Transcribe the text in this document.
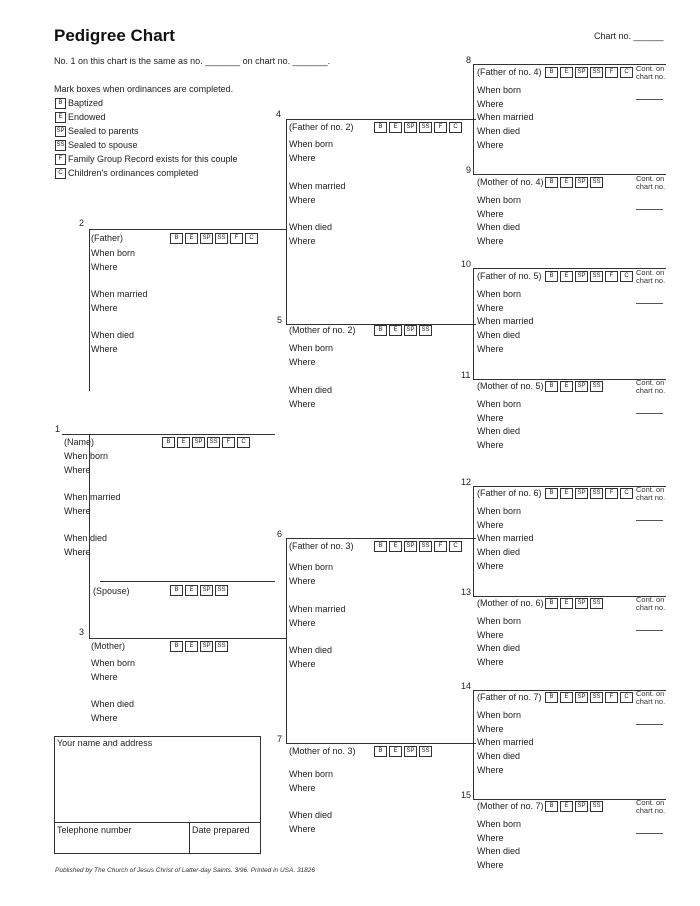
Pedigree Chart	Chart no. ______
No. 1 on this chart is the same as no. _______ on chart no. _______.
Mark boxes when ordinances are completed.
B Baptized
E Endowed
SP Sealed to parents
SS Sealed to spouse
F Family Group Record exists for this couple
C Children's ordinances completed
1
(Name)	B	E	SP	SS	F	C
When born
Where
When married
Where
When died
Where
(Spouse)	B	E	SP	SS
2
(Father)	B	E	SP	SS	F	C
When born
Where
When married
Where
When died
Where
3
(Mother)	B	E	SP	SS
When born
Where
When died
Where
4
(Father of no. 2)	B	E	SP	SS	F	C
When born
Where
When married
Where
When died
Where
5
(Mother of no. 2)	B	E	SP	SS
When born
Where
When died
Where
6
(Father of no. 3)	B	E	SP	SS	F	C
When born
Where
When married
Where
When died
Where
7
(Mother of no. 3)	B	E	SP	SS
When born
Where
When died
Where
8
(Father of no. 4)	B	E	SP	SS	F	C
When born
Where
When married
When died
Where
Cont. on
chart no.
9
(Mother of no. 4) B	E	SP	SS
When born
Where
When died
Where
Cont. on
chart no.
10
(Father of no. 5)	B	E	SP	SS	F	C
When born
Where
When married
When died
Where
Cont. on
chart no.
11
(Mother of no. 5) B	E	SP	SS
When born
Where
When died
Where
Cont. on
chart no.
12
(Father of no. 6)	B	E	SP	SS	F	C
When born
Where
When married
When died
Where
Cont. on
chart no.
13
(Mother of no. 6) B	E	SP	SS
When born
Where
When died
Where
Cont. on
chart no.
14
(Father of no. 7)	B	E	SP	SS	F	C
When born
Where
When married
When died
Where
Cont. on
chart no.
15
(Mother of no. 7) B	E	SP	SS
When born
Where
When died
Where
Cont. on
chart no.
Your name and address
Telephone number	Date prepared
Published by The Church of Jesus Christ of Latter-day Saints. 3/96. Printed in USA. 31826
